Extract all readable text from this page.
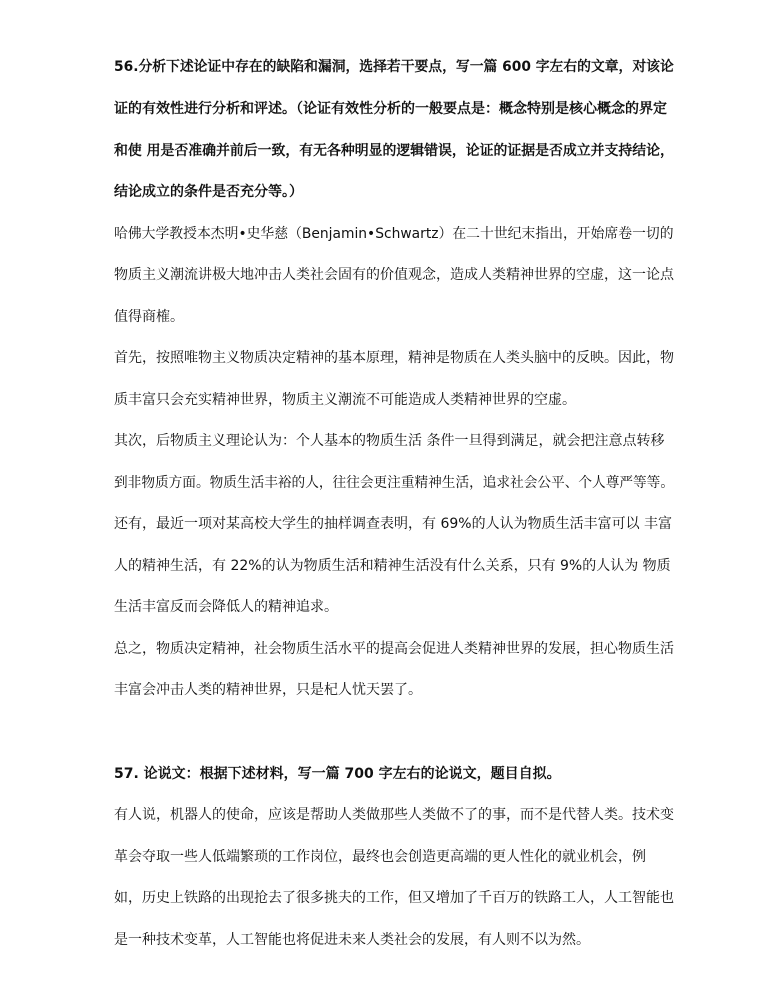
56.分析下述论证中存在的缺陷和漏洞，选择若干要点，写一篇 600 字左右的文章，对该论
证的有效性进行分析和评述。（论证有效性分析的一般要点是：概念特别是核心概念的界定
和使 用是否准确并前后一致，有无各种明显的逻辑错误，论证的证据是否成立并支持结论，
结论成立的条件是否充分等。）
哈佛大学教授本杰明•史华慈（Benjamin•Schwartz）在二十世纪末指出，开始席卷一切的
物质主义潮流讲极大地冲击人类社会固有的价值观念，造成人类精神世界的空虚，这一论点
值得商榷。
首先，按照唯物主义物质决定精神的基本原理，精神是物质在人类头脑中的反映。因此，物
质丰富只会充实精神世界，物质主义潮流不可能造成人类精神世界的空虚。
其次，后物质主义理论认为：个人基本的物质生活 条件一旦得到满足，就会把注意点转移
到非物质方面。物质生活丰裕的人，往往会更注重精神生活，追求社会公平、个人尊严等等。
还有，最近一项对某高校大学生的抽样调查表明，有 69%的人认为物质生活丰富可以 丰富
人的精神生活，有 22%的认为物质生活和精神生活没有什么关系，只有 9%的人认为 物质
生活丰富反而会降低人的精神追求。
总之，物质决定精神，社会物质生活水平的提高会促进人类精神世界的发展，担心物质生活
丰富会冲击人类的精神世界，只是杞人忧天罢了。
57. 论说文：根据下述材料，写一篇 700 字左右的论说文，题目自拟。
有人说，机器人的使命，应该是帮助人类做那些人类做不了的事，而不是代替人类。技术变
革会夺取一些人低端繁琐的工作岗位，最终也会创造更高端的更人性化的就业机会，例
如，历史上铁路的出现抢去了很多挑夫的工作，但又增加了千百万的铁路工人，人工智能也
是一种技术变革，人工智能也将促进未来人类社会的发展，有人则不以为然。
